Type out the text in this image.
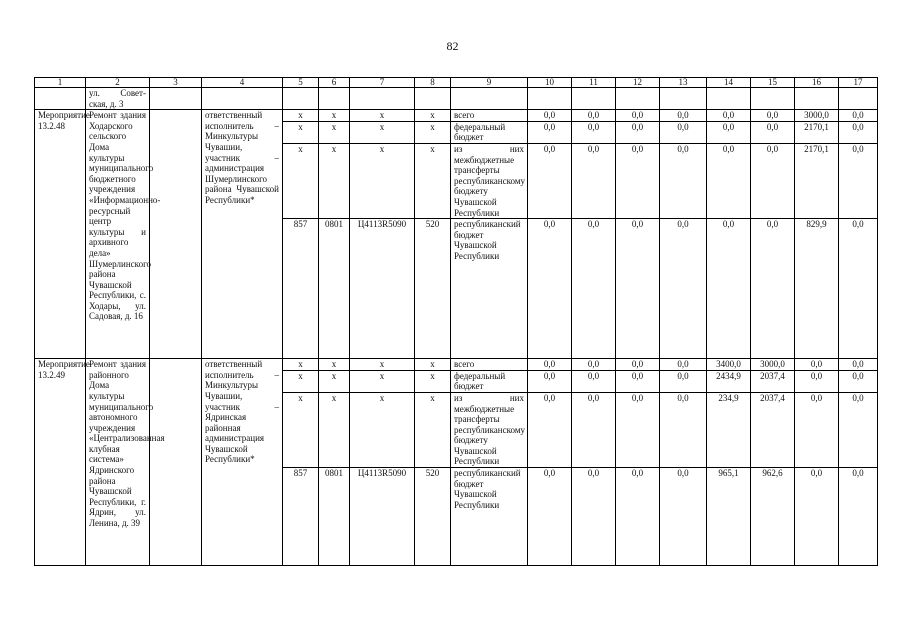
82
1	2	3	4	5	6	7	8	9	10	11	12	13	14	15	16	17
	ул. Совет-ская, д. 3															
Мероприятие 13.2.48	Ремонт здания Ходарского сельского Дома культуры муниципального бюджетного учреждения «Информационно-ресурсный центр культуры и архивного дела» Шумерлинского района Чувашской Республики, с. Ходары, ул. Садовая, д. 16		ответственный исполнитель – Минкультуры Чувашии, участник – администрация Шумерлинского района Чувашской Республики*	x	x	x	x	всего	0,0	0,0	0,0	0,0	0,0	0,0	3000,0	0,0
				x	x	x	x	федеральный бюджет	0,0	0,0	0,0	0,0	0,0	0,0	2170,1	0,0
				x	x	x	x	из них межбюджетные трансферты республиканскому бюджету Чувашской Республики	0,0	0,0	0,0	0,0	0,0	0,0	2170,1	0,0
				857	0801	Ц4113R5090	520	республиканский бюджет Чувашской Республики	0,0	0,0	0,0	0,0	0,0	0,0	829,9	0,0
Мероприятие 13.2.49	Ремонт здания районного Дома культуры муниципального автономного учреждения «Централизованная клубная система» Ядринского района Чувашской Республики, г. Ядрин, ул. Ленина, д. 39		ответственный исполнитель – Минкультуры Чувашии, участник – Ядринская районная администрация Чувашской Республики*	x	x	x	x	всего	0,0	0,0	0,0	0,0	3400,0	3000,0	0,0	0,0
				x	x	x	x	федеральный бюджет	0,0	0,0	0,0	0,0	2434,9	2037,4	0,0	0,0
				x	x	x	x	из них межбюджетные трансферты республиканскому бюджету Чувашской Республики	0,0	0,0	0,0	0,0	234,9	2037,4	0,0	0,0
				857	0801	Ц4113R5090	520	республиканский бюджет Чувашской Республики	0,0	0,0	0,0	0,0	965,1	962,6	0,0	0,0
